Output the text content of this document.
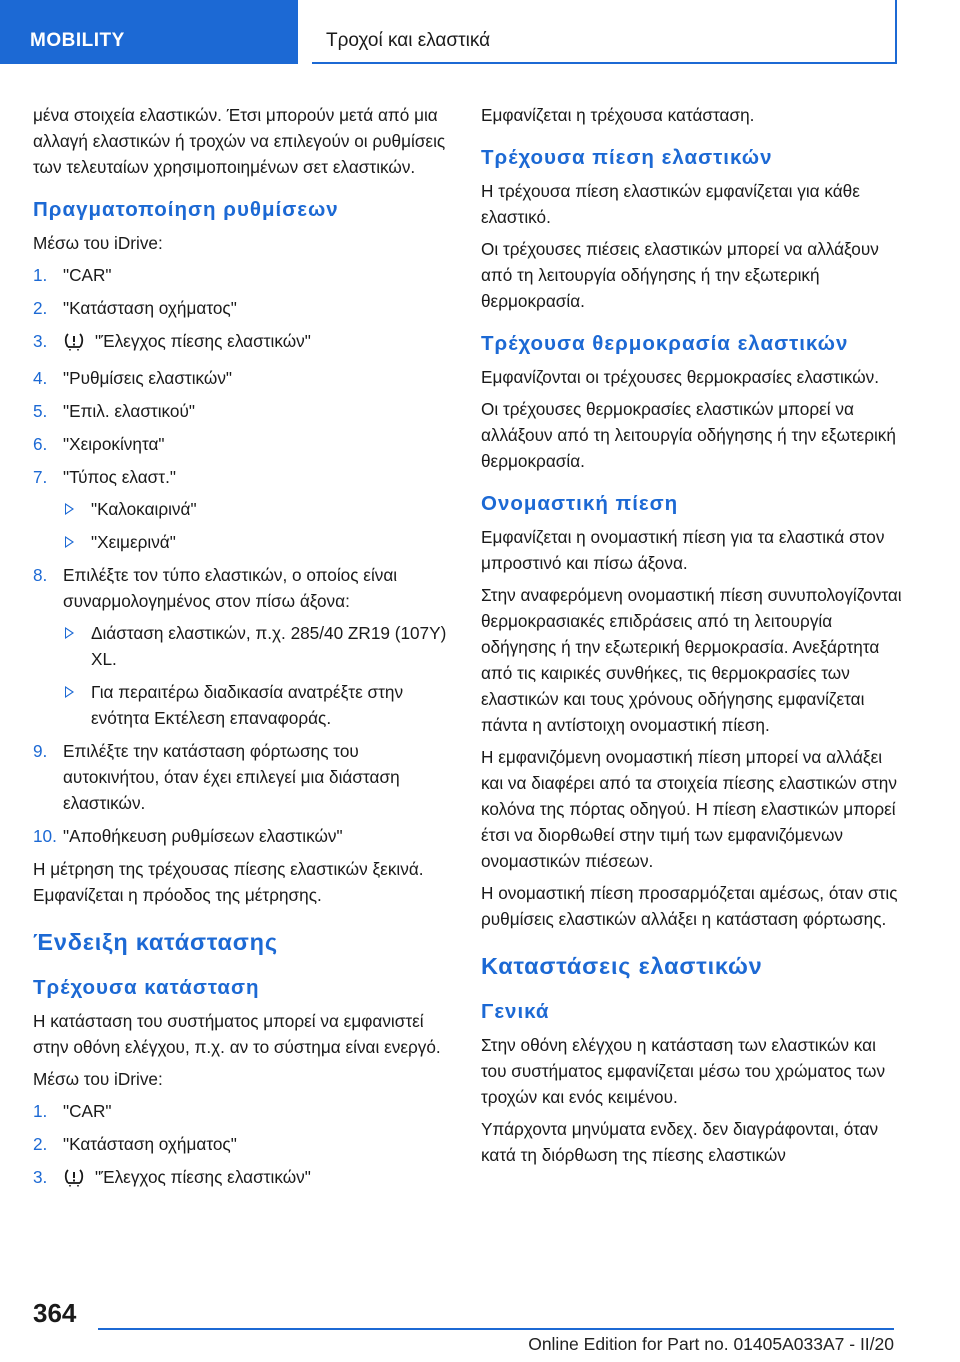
MOBILITY	Τροχοί και ελαστικά

μένα στοιχεία ελαστικών. Έτσι μπορούν μετά από μια αλλαγή ελαστικών ή τροχών να επιλεγούν οι ρυθμίσεις των τελευταίων χρησιμοποιημένων σετ ελαστικών.

Πραγματοποίηση ρυθμίσεων

Μέσω του iDrive:

1. "CAR"
2. "Κατάσταση οχήματος"
3.	"Έλεγχος πίεσης ελαστικών"
4. "Ρυθμίσεις ελαστικών"
5. "Επιλ. ελαστικού"
6. "Χειροκίνητα"
7. "Τύπος ελαστ."
"Καλοκαιρινά"
"Χειμερινά"
8. Επιλέξτε τον τύπο ελαστικών, ο οποίος είναι συναρμολογημένος στον πίσω άξονα:
Διάσταση ελαστικών, π.χ. 285/40 ZR19 (107Y) XL.
Για περαιτέρω διαδικασία ανατρέξτε στην ενότητα Εκτέλεση επαναφοράς.
9. Επιλέξτε την κατάσταση φόρτωσης του αυτοκινήτου, όταν έχει επιλεγεί μια διάσταση ελαστικών.
10. "Αποθήκευση ρυθμίσεων ελαστικών"

Η μέτρηση της τρέχουσας πίεσης ελαστικών ξεκινά. Εμφανίζεται η πρόοδος της μέτρησης.

Ένδειξη κατάστασης
Τρέχουσα κατάσταση

Η κατάσταση του συστήματος μπορεί να εμφανιστεί στην οθόνη ελέγχου, π.χ. αν το σύστημα είναι ενεργό.

Μέσω του iDrive:

1. "CAR"
2. "Κατάσταση οχήματος"
3.	"Έλεγχος πίεσης ελαστικών"

Εμφανίζεται η τρέχουσα κατάσταση.

Τρέχουσα πίεση ελαστικών

Η τρέχουσα πίεση ελαστικών εμφανίζεται για κάθε ελαστικό.

Οι τρέχουσες πιέσεις ελαστικών μπορεί να αλλάξουν από τη λειτουργία οδήγησης ή την εξωτερική θερμοκρασία.

Τρέχουσα θερμοκρασία ελαστικών

Εμφανίζονται οι τρέχουσες θερμοκρασίες ελαστικών.

Οι τρέχουσες θερμοκρασίες ελαστικών μπορεί να αλλάξουν από τη λειτουργία οδήγησης ή την εξωτερική θερμοκρασία.

Ονομαστική πίεση

Εμφανίζεται η ονομαστική πίεση για τα ελαστικά στον μπροστινό και πίσω άξονα.

Στην αναφερόμενη ονομαστική πίεση συνυπολογίζονται θερμοκρασιακές επιδράσεις από τη λειτουργία οδήγησης ή την εξωτερική θερμοκρασία. Ανεξάρτητα από τις καιρικές συνθήκες, τις θερμοκρασίες των ελαστικών και τους χρόνους οδήγησης εμφανίζεται πάντα η αντίστοιχη ονομαστική πίεση.

Η εμφανιζόμενη ονομαστική πίεση μπορεί να αλλάξει και να διαφέρει από τα στοιχεία πίεσης ελαστικών στην κολόνα της πόρτας οδηγού. Η πίεση ελαστικών μπορεί έτσι να διορθωθεί στην τιμή των εμφανιζόμενων ονομαστικών πιέσεων.

Η ονομαστική πίεση προσαρμόζεται αμέσως, όταν στις ρυθμίσεις ελαστικών αλλάξει η κατάσταση φόρτωσης.

Καταστάσεις ελαστικών
Γενικά

Στην οθόνη ελέγχου η κατάσταση των ελαστικών και του συστήματος εμφανίζεται μέσω του χρώματος των τροχών και ενός κειμένου.

Υπάρχοντα μηνύματα ενδεχ. δεν διαγράφονται, όταν κατά τη διόρθωση της πίεσης ελαστικών

364
Online Edition for Part no. 01405A033A7 - II/20
